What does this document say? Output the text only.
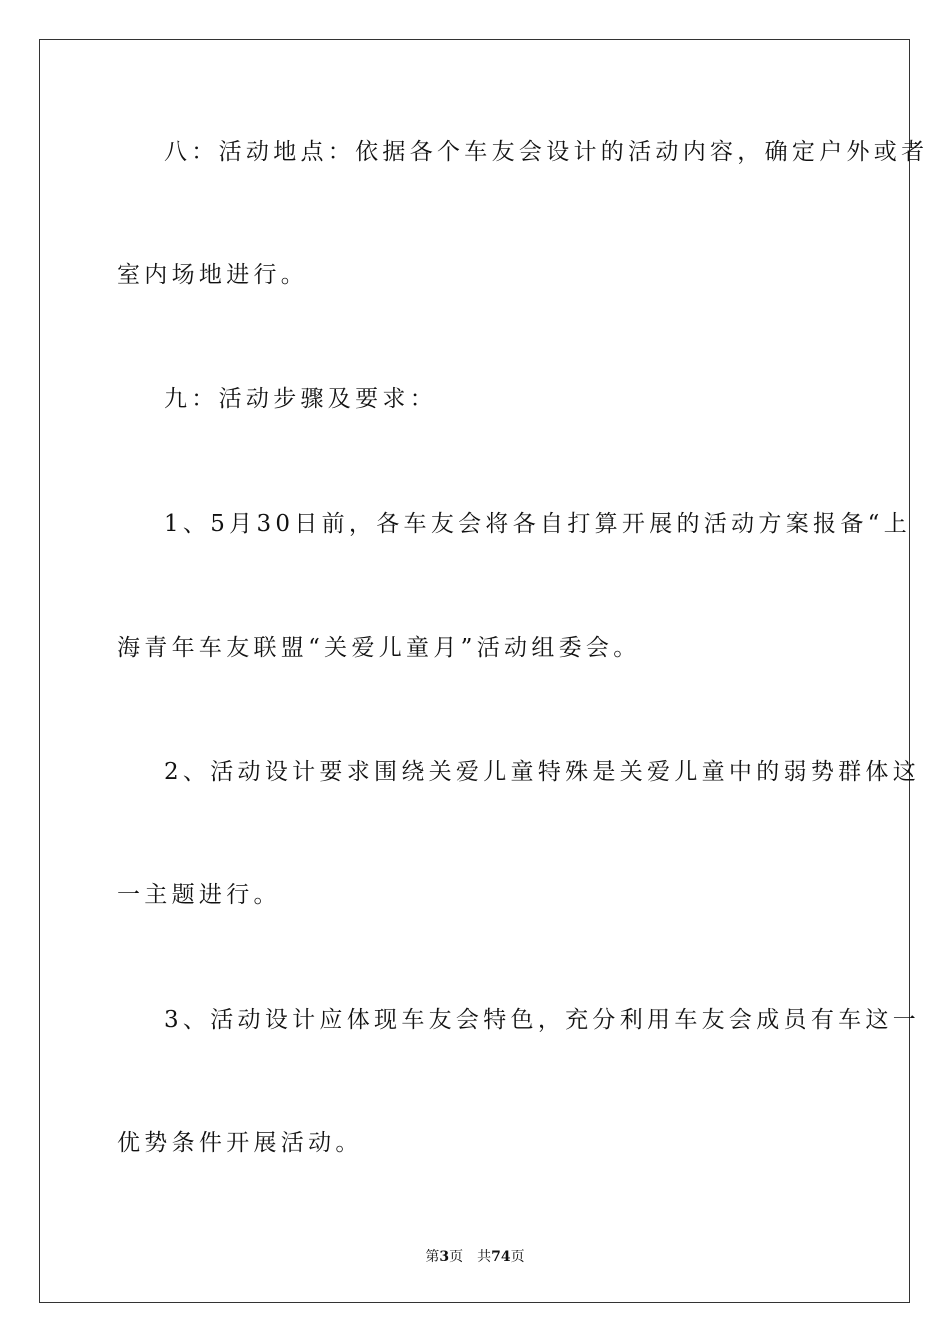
八：活动地点：依据各个车友会设计的活动内容，确定户外或者
室内场地进行。
九：活动步骤及要求：
1、5月30日前，各车友会将各自打算开展的活动方案报备“上
海青年车友联盟“关爱儿童月”活动组委会。
2、活动设计要求围绕关爱儿童特殊是关爱儿童中的弱势群体这
一主题进行。
3、活动设计应体现车友会特色，充分利用车友会成员有车这一
优势条件开展活动。
第3页 共74页
